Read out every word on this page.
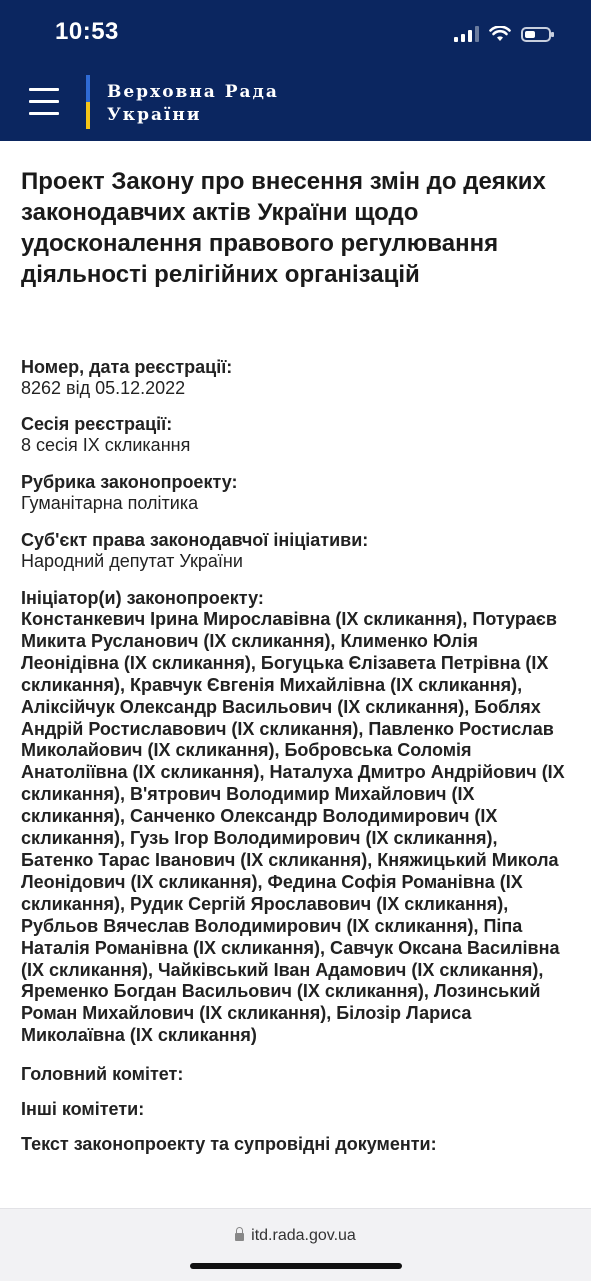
10:53
Верховна Рада
України
Проект Закону про внесення змін до деяких законодавчих актів України щодо удосконалення правового регулювання діяльності релігійних організацій
Номер, дата реєстрації:
8262 від 05.12.2022
Сесія реєстрації:
8 сесія IX скликання
Рубрика законопроекту:
Гуманітарна політика
Суб'єкт права законодавчої ініціативи:
Народний депутат України
Ініціатор(и) законопроекту:
Констанкевич Ірина Мирославівна (IX скликання), Потураєв Микита Русланович (IX скликання), Клименко Юлія Леонідівна (IX скликання), Богуцька Єлізавета Петрівна (IX скликання), Кравчук Євгенія Михайлівна (IX скликання), Аліксійчук Олександр Васильович (IX скликання), Боблях Андрій Ростиславович (IX скликання), Павленко Ростислав Миколайович (IX скликання), Бобровська Соломія Анатоліївна (IX скликання), Наталуха Дмитро Андрійович (IX скликання), В'ятрович Володимир Михайлович (IX скликання), Санченко Олександр Володимирович (IX скликання), Гузь Ігор Володимирович (IX скликання), Батенко Тарас Іванович (IX скликання), Княжицький Микола Леонідович (IX скликання), Федина Софія Романівна (IX скликання), Рудик Сергій Ярославович (IX скликання), Рубльов Вячеслав Володимирович (IX скликання), Піпа Наталія Романівна (IX скликання), Савчук Оксана Василівна (IX скликання), Чайківський Іван Адамович (IX скликання), Яременко Богдан Васильович (IX скликання), Лозинський Роман Михайлович (IX скликання), Білозір Лариса Миколаївна (IX скликання)
Головний комітет:
Інші комітети:
Текст законопроекту та супровідні документи:
itd.rada.gov.ua
